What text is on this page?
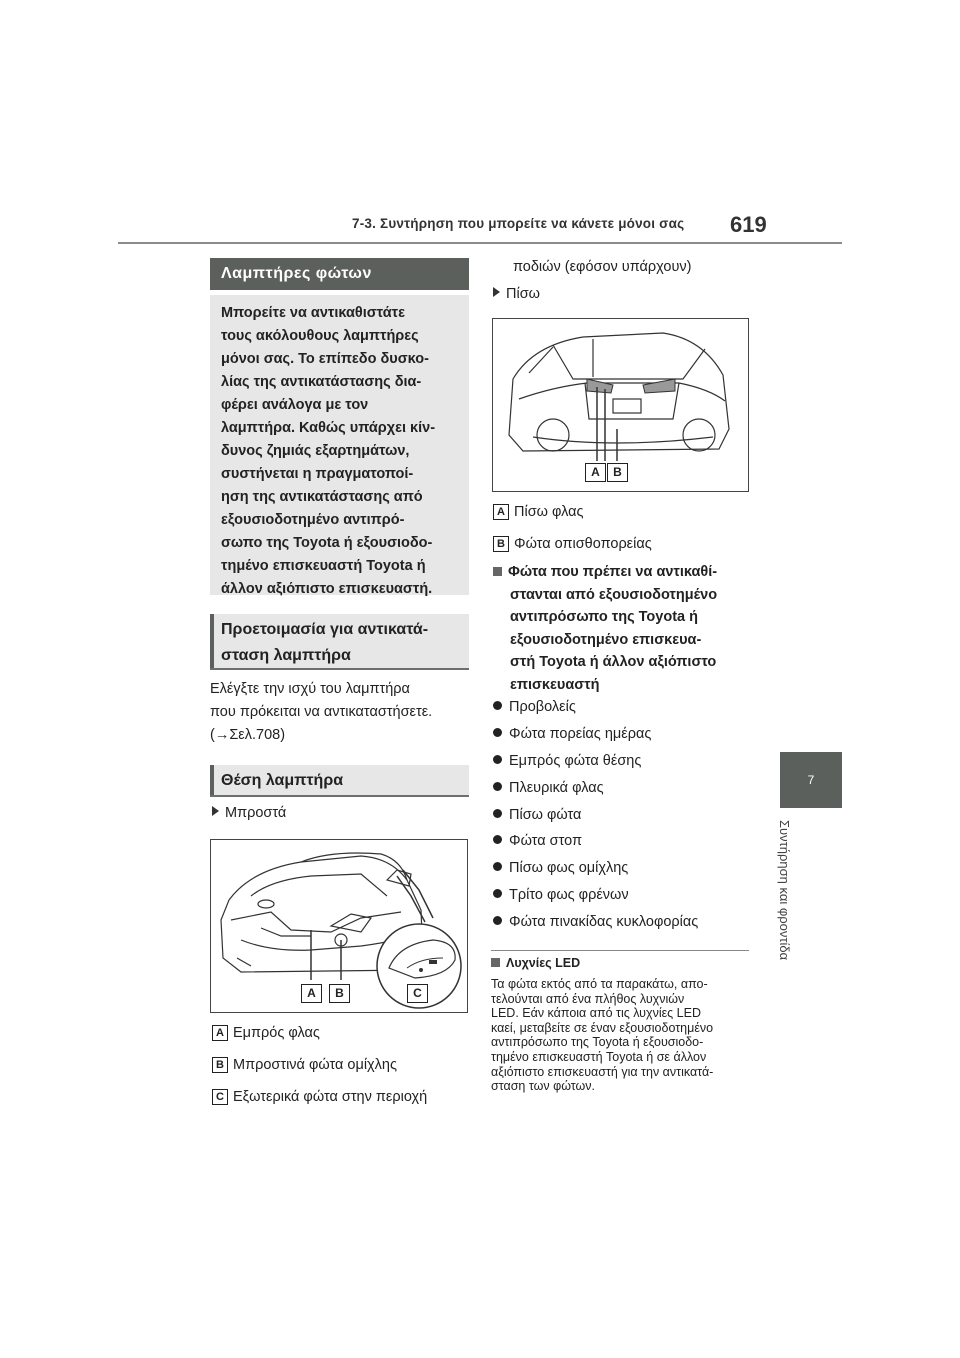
7-3. Συντήρηση που μπορείτε να κάνετε μόνοι σας 619
7
Συντήρηση και φροντίδα
Λαμπτήρες φώτων
Μπορείτε να αντικαθιστάτε
τους ακόλουθους λαμπτήρες
μόνοι σας. Το επίπεδο δυσκο-
λίας της αντικατάστασης δια-
φέρει ανάλογα με τον
λαμπτήρα. Καθώς υπάρχει κίν-
δυνος ζημιάς εξαρτημάτων,
συστήνεται η πραγματοποί-
ηση της αντικατάστασης από
εξουσιοδοτημένο αντιπρό-
σωπο της Toyota ή εξουσιοδο-
τημένο επισκευαστή Toyota ή
άλλον αξιόπιστο επισκευαστή.
Προετοιμασία για αντικατά-
σταση λαμπτήρα
Ελέγξτε την ισχύ του λαμπτήρα
που πρόκειται να αντικαταστήσετε.
(→Σελ.708)
Θέση λαμπτήρα
Μπροστά
A	B	C
A Εμπρός φλας
B Μπροστινά φώτα ομίχλης
C Εξωτερικά φώτα στην περιοχή
ποδιών (εφόσον υπάρχουν)
Πίσω
A	B
A Πίσω φλας
B Φώτα οπισθοπορείας
Φώτα που πρέπει να αντικαθί-
στανται από εξουσιοδοτημένο
αντιπρόσωπο της Toyota ή
εξουσιοδοτημένο επισκευα-
στή Toyota ή άλλον αξιόπιστο
επισκευαστή
Προβολείς
Φώτα πορείας ημέρας
Εμπρός φώτα θέσης
Πλευρικά φλας
Πίσω φώτα
Φώτα στοπ
Πίσω φως ομίχλης
Τρίτο φως φρένων
Φώτα πινακίδας κυκλοφορίας
Λυχνίες LED
Τα φώτα εκτός από τα παρακάτω, απο-
τελούνται από ένα πλήθος λυχνιών
LED. Εάν κάποια από τις λυχνίες LED
καεί, μεταβείτε σε έναν εξουσιοδοτημένο
αντιπρόσωπο της Toyota ή εξουσιοδο-
τημένο επισκευαστή Toyota ή σε άλλον
αξιόπιστο επισκευαστή για την αντικατά-
σταση των φώτων.
